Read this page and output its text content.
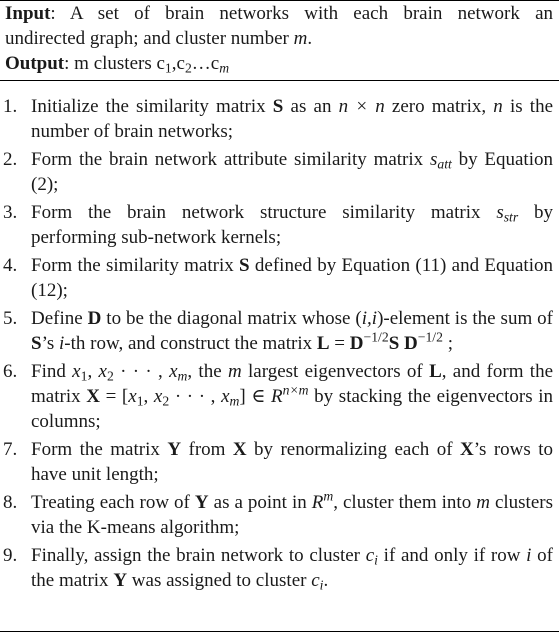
Input: A set of brain networks with each brain network an

undirected graph; and cluster number m.

Output: m clusters $c_1,c_2\dots c_m$

1. Initialize the similarity matrix S as an n × n zero matrix, n is the number of brain networks;
2. Form the brain network attribute similarity matrix $s_{att}$ by Equation (2);
3. Form the brain network structure similarity matrix $s_{str}$ by performing sub-network kernels;
4. Form the similarity matrix S defined by Equation (11) and Equation (12);
5. Define D to be the diagonal matrix whose (i,i)-element is the sum of S’s i-th row, and construct the matrix $L = D^{-1/2}S$ $D^{-1/2}$ ;
6. Find $x_1$, $x_2$ · · · , $x_m$, the m largest eigenvectors of L, and form the matrix $X = [x_1$, $x_2$ · · · , $x_m$] ∈ $R^{n\times m}$ by stacking the eigenvectors in columns;
7. Form the matrix Y from X by renormalizing each of X’s rows to have unit length;
8. Treating each row of Y as a point in $R^m$, cluster them into m clusters via the K-means algorithm;
9. Finally, assign the brain network to cluster $c_i$ if and only if row i of the matrix Y was assigned to cluster $c_i$.
